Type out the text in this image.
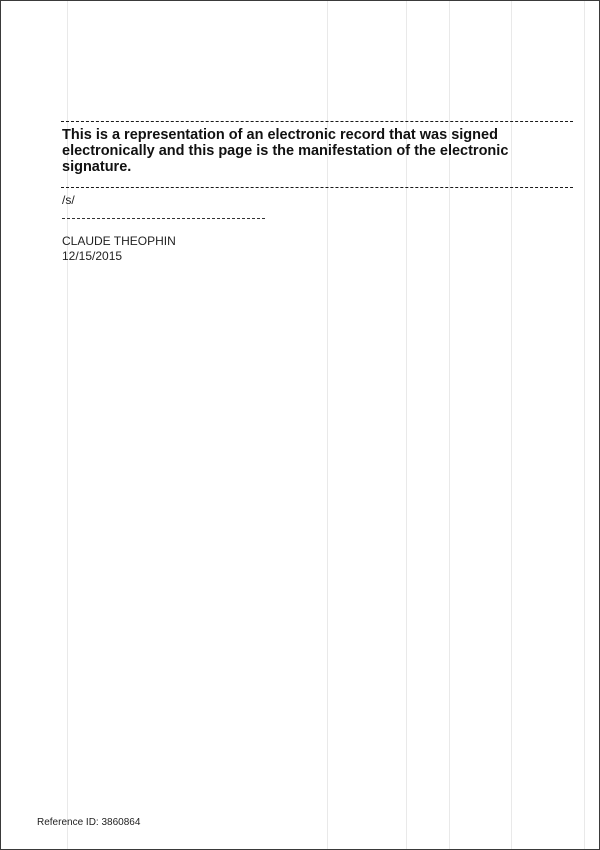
This is a representation of an electronic record that was signed electronically and this page is the manifestation of the electronic signature.

/s/
CLAUDE THEOPHIN
12/15/2015
Reference ID: 3860864
